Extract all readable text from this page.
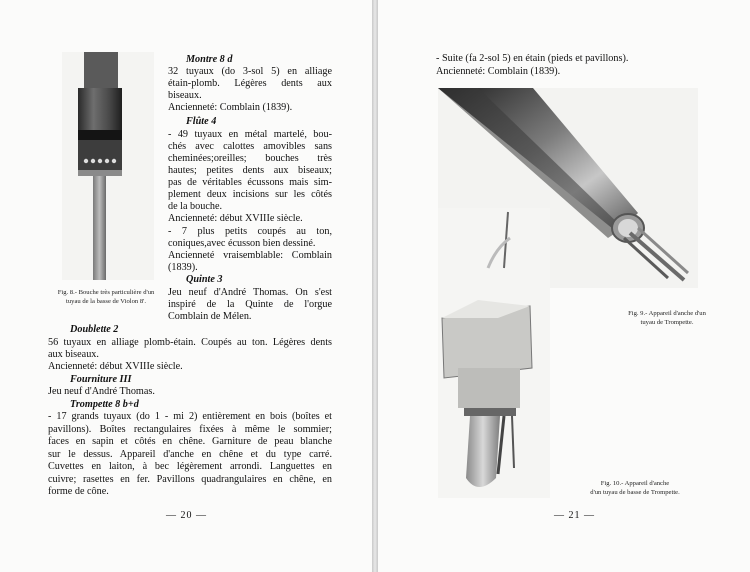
Fig. 8.- Bouche très particulière d'un
tuyau de la basse de Violon 8'.
Montre 8 d
32 tuyaux (do 3-sol 5) en alliage
étain-plomb. Légères dents aux
biseaux.
Ancienneté: Comblain (1839).
Flûte 4
- 49 tuyaux en métal martelé, bou-
chés avec calottes amovibles sans
cheminées;oreilles; bouches très
hautes; petites dents aux biseaux;
pas de véritables écussons mais sim-
plement deux incisions sur les côtés
de la bouche.
Ancienneté: début XVIIIe siècle.
- 7 plus petits coupés au ton,
coniques,avec écusson bien dessiné.
Ancienneté vraisemblable: Comblain
(1839).
Quinte 3
Jeu neuf d'André Thomas. On s'est
inspiré de la Quinte de l'orgue
Comblain de Mélen.
Doublette 2
56 tuyaux en alliage plomb-étain. Coupés au ton. Légères dents
aux biseaux.
Ancienneté: début XVIIIe siècle.
Fourniture III
Jeu neuf d'André Thomas.
Trompette 8 b+d
- 17 grands tuyaux (do 1 - mi 2) entièrement en bois (boîtes et
pavillons). Boîtes rectangulaires fixées à même le sommier;
faces en sapin et côtés en chêne. Garniture de peau blanche
sur le dessus. Appareil d'anche en chêne et du type carré.
Cuvettes en laiton, à bec légèrement arrondi. Languettes en
cuivre; rasettes en fer. Pavillons quadrangulaires en chêne, en
forme de cône.
— 20 —
- Suite (fa 2-sol 5) en étain (pieds et pavillons).
Ancienneté: Comblain (1839).
Fig. 9.- Appareil d'anche d'un
tuyau de Trompette.
Fig. 10.- Appareil d'anche
d'un tuyau de basse de Trompette.
— 21 —
